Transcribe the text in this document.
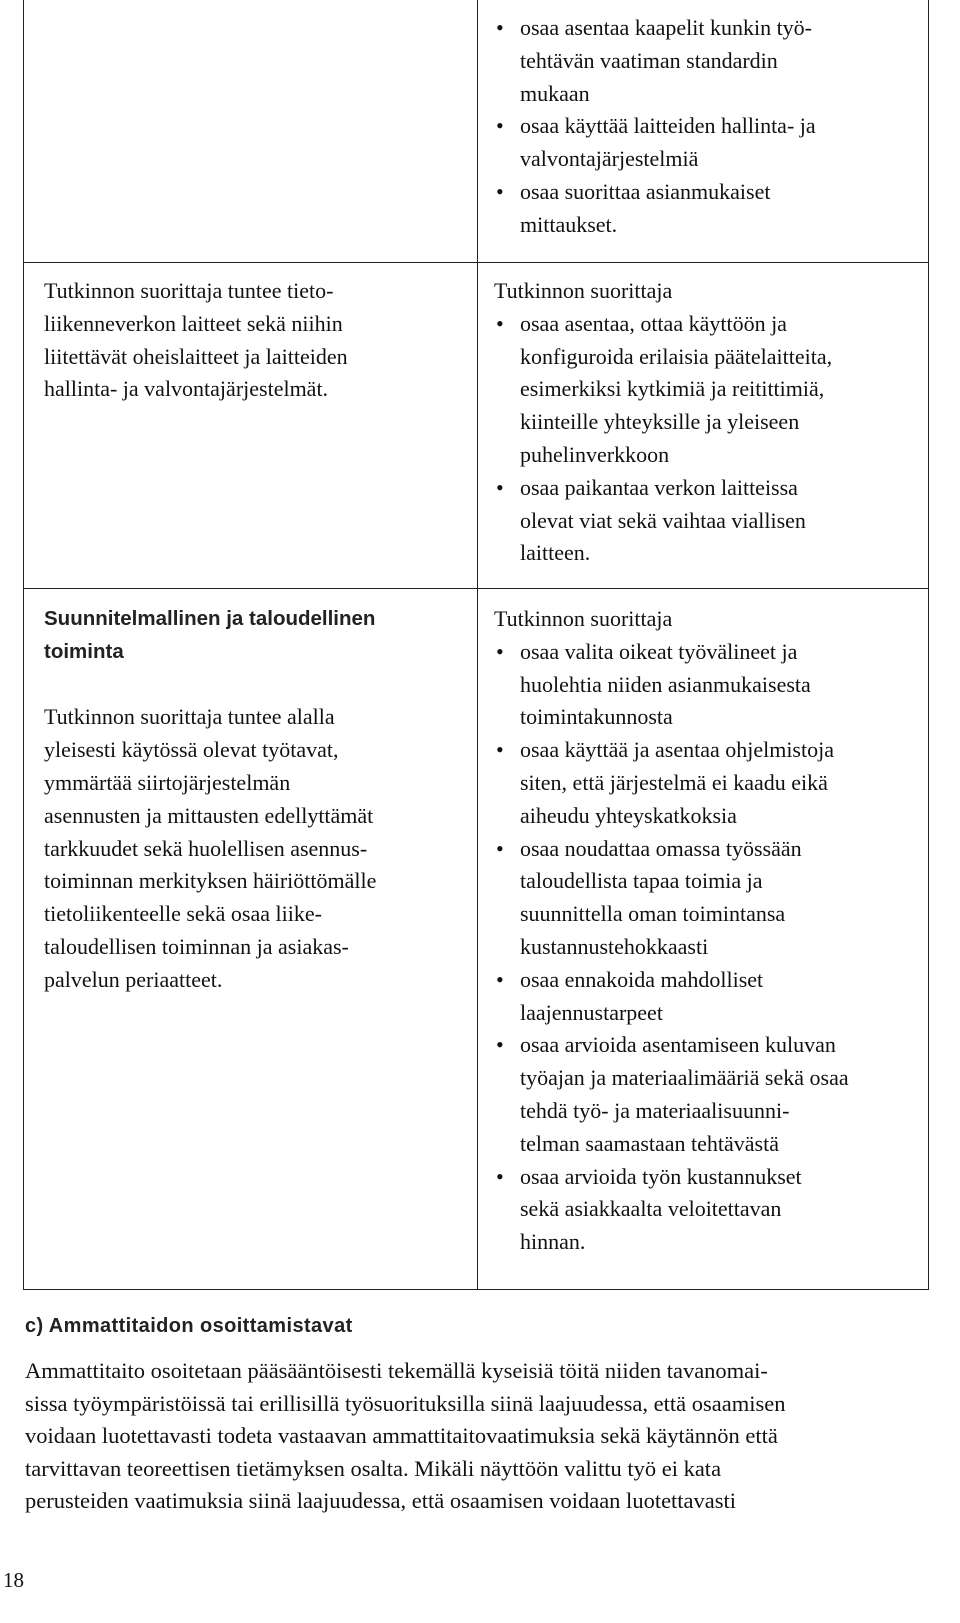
• osaa asentaa kaapelit kunkin työ-
tehtävän vaatiman standardin
mukaan
• osaa käyttää laitteiden hallinta- ja
valvontajärjestelmiä
• osaa suorittaa asianmukaiset
mittaukset.
Tutkinnon suorittaja tuntee tieto-
liikenneverkon laitteet sekä niihin
liitettävät oheislaitteet ja laitteiden
hallinta- ja valvontajärjestelmät.
Tutkinnon suorittaja
• osaa asentaa, ottaa käyttöön ja
konfiguroida erilaisia päätelaitteita,
esimerkiksi kytkimiä ja reitittimiä,
kiinteille yhteyksille ja yleiseen
puhelinverkkoon
• osaa paikantaa verkon laitteissa
olevat viat sekä vaihtaa viallisen
laitteen.
Suunnitelmallinen ja taloudellinen
toiminta
Tutkinnon suorittaja tuntee alalla
yleisesti käytössä olevat työtavat,
ymmärtää siirtojärjestelmän
asennusten ja mittausten edellyttämät
tarkkuudet sekä huolellisen asennus-
toiminnan merkityksen häiriöttömälle
tietoliikenteelle sekä osaa liike-
taloudellisen toiminnan ja asiakas-
palvelun periaatteet.
Tutkinnon suorittaja
• osaa valita oikeat työvälineet ja
huolehtia niiden asianmukaisesta
toimintakunnosta
• osaa käyttää ja asentaa ohjelmistoja
siten, että järjestelmä ei kaadu eikä
aiheudu yhteyskatkoksia
• osaa noudattaa omassa työssään
taloudellista tapaa toimia ja
suunnittella oman toimintansa
kustannustehokkaasti
• osaa ennakoida mahdolliset
laajennustarpeet
• osaa arvioida asentamiseen kuluvan
työajan ja materiaalimääriä sekä osaa
tehdä työ- ja materiaalisuunni-
telman saamastaan tehtävästä
• osaa arvioida työn kustannukset
sekä asiakkaalta veloitettavan
hinnan.
c) Ammattitaidon osoittamistavat
Ammattitaito osoitetaan pääsääntöisesti tekemällä kyseisiä töitä niiden tavanomai-
sissa työympäristöissä tai erillisillä työsuorituksilla siinä laajuudessa, että osaamisen
voidaan luotettavasti todeta vastaavan ammattitaitovaatimuksia sekä käytännön että
tarvittavan teoreettisen tietämyksen osalta. Mikäli näyttöön valittu työ ei kata
perusteiden vaatimuksia siinä laajuudessa, että osaamisen voidaan luotettavasti
18
